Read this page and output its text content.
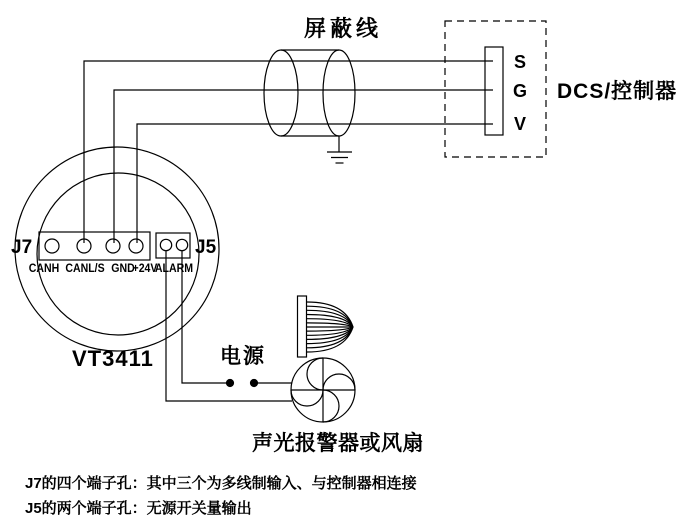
屏蔽线
DCS/控制器
S
G
V
J7	J5
CANH CANL/S GND
+24V
ALARM
VT3411	电源
声光报警器或风扇
J7的四个端子孔：其中三个为多线制输入、与控制器相连接
J5的两个端子孔：无源开关量输出
